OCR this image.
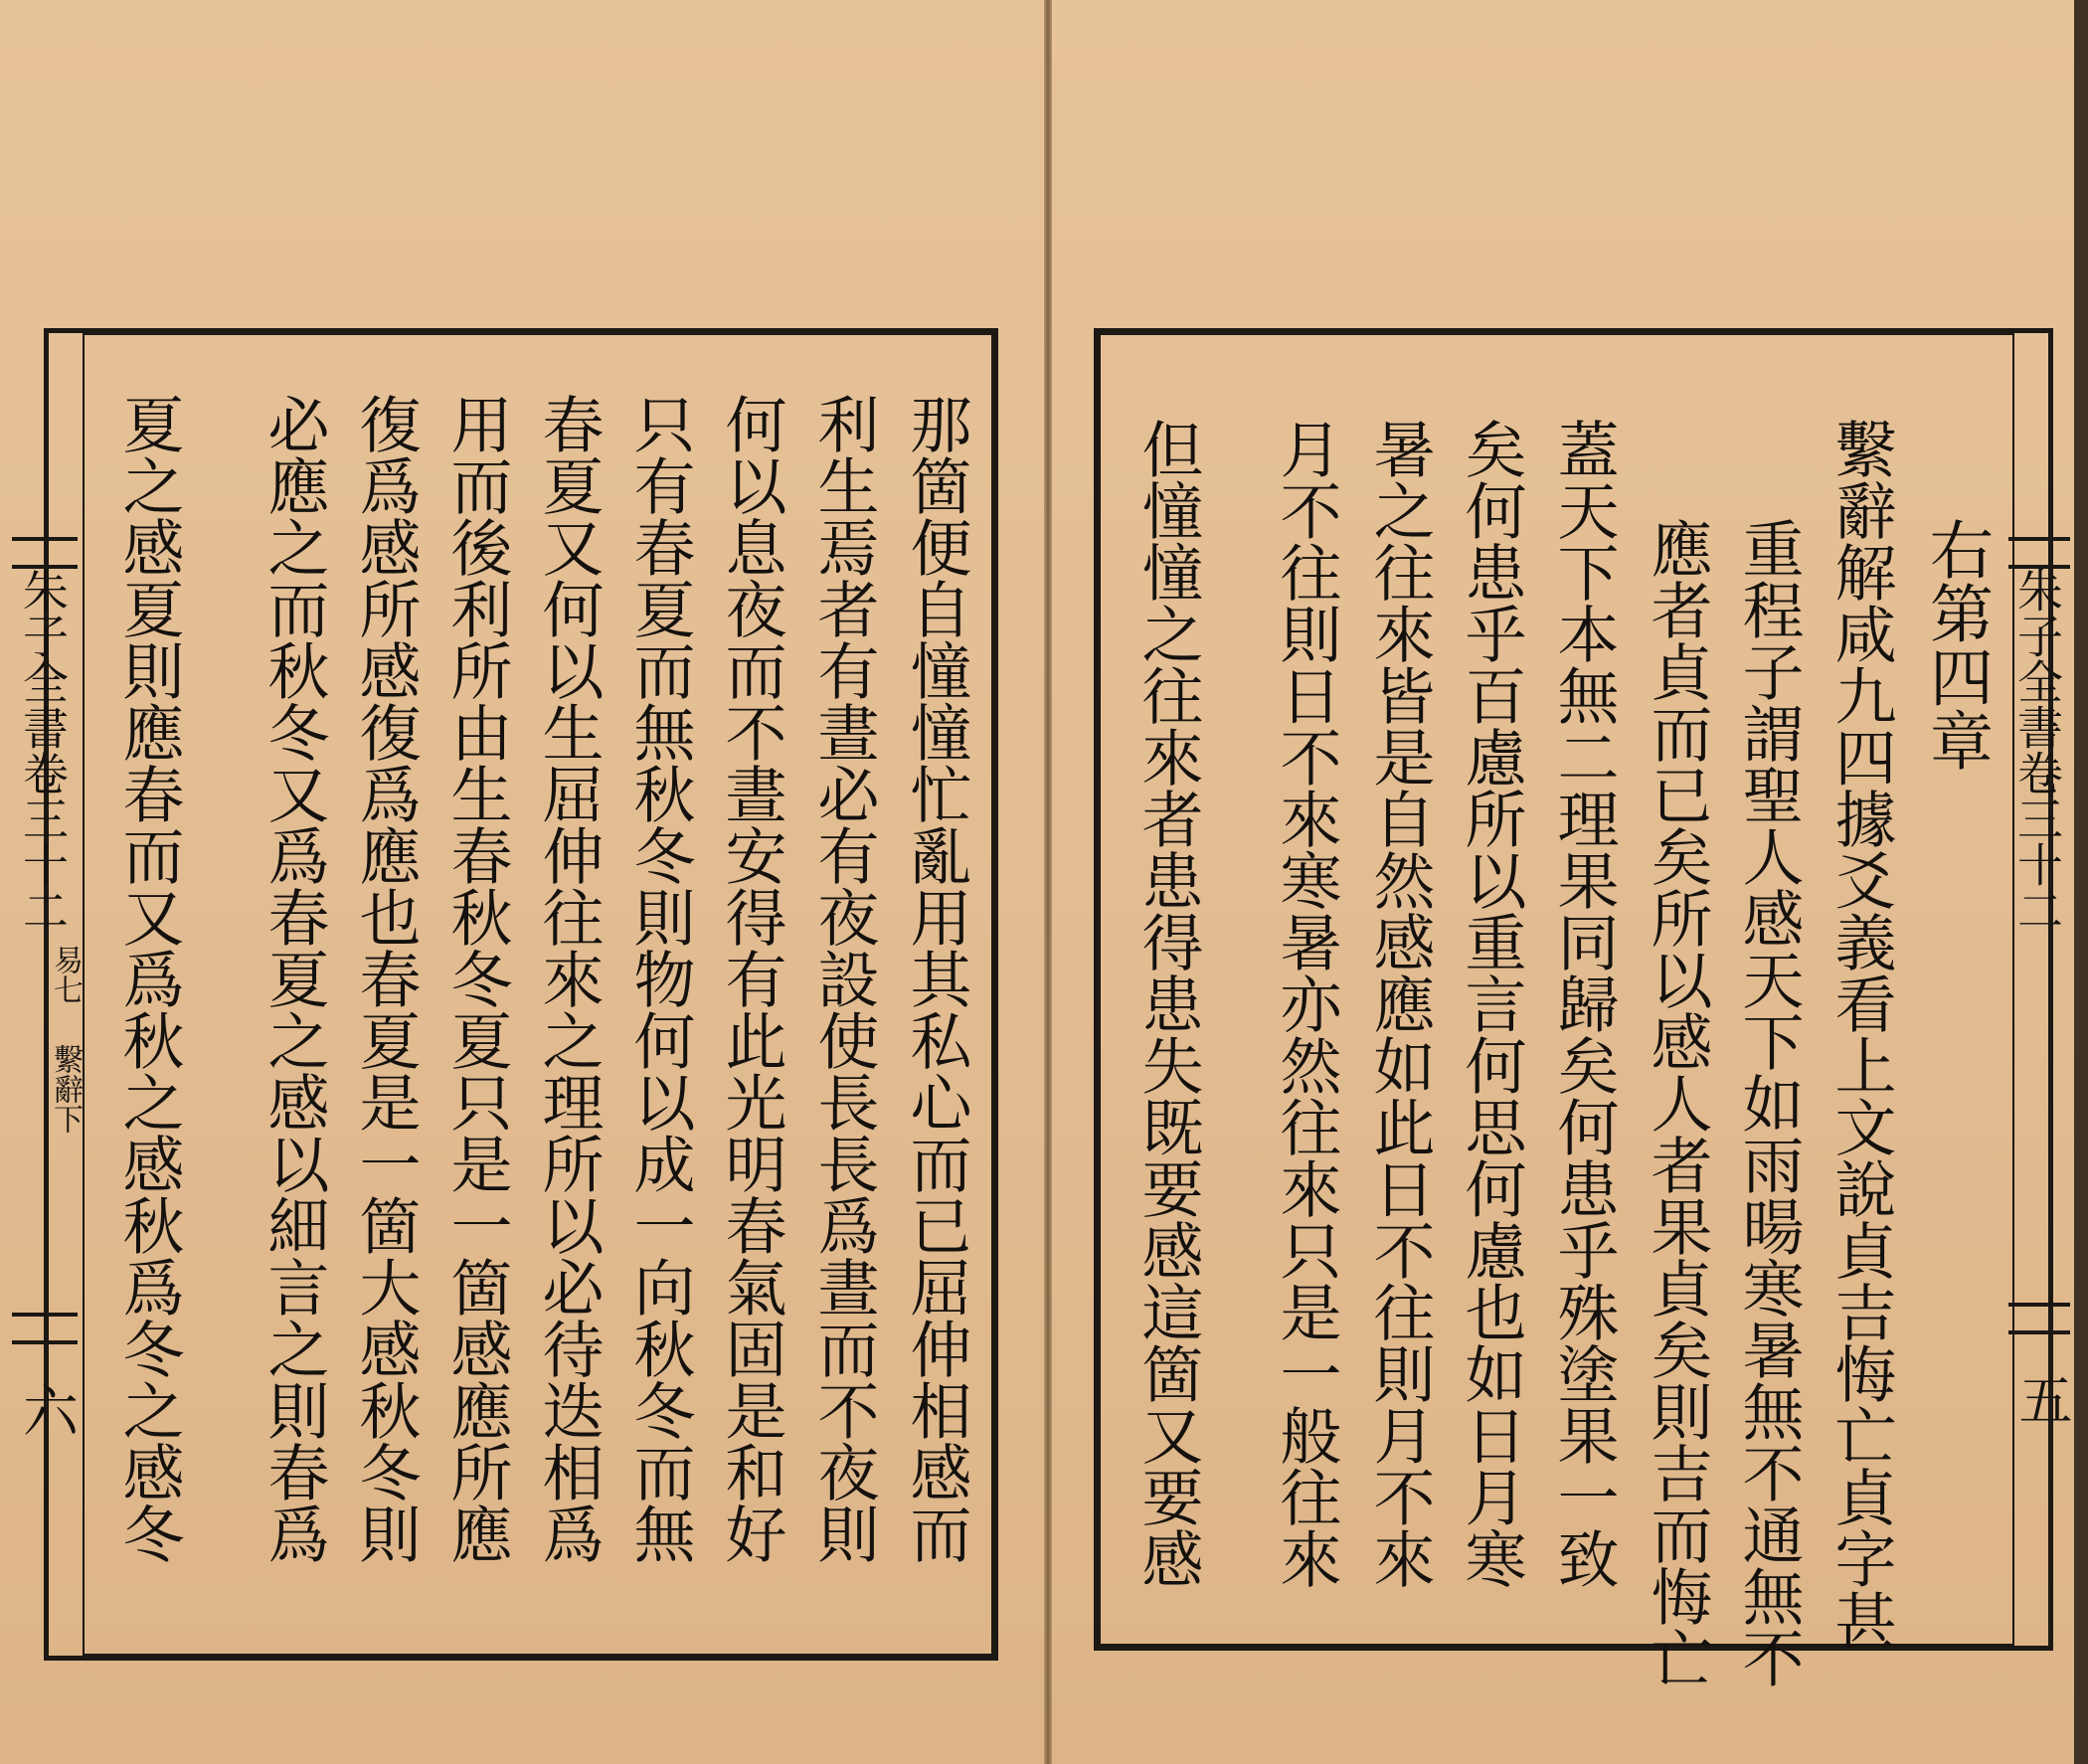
朱子全書卷三十二
易七
繫辭下
六	那箇便自憧憧忙亂用其私心而已屈伸相感而
利生焉者有晝必有夜設使長長爲晝而不夜則
何以息夜而不晝安得有此光明春氣固是和好
只有春夏而無秋冬則物何以成一向秋冬而無
春夏又何以生屈伸往來之理所以必待迭相爲
用而後利所由生春秋冬夏只是一箇感應所應
復爲感所感復爲應也春夏是一箇大感秋冬則
必應之而秋冬又爲春夏之感以細言之則春爲
夏之感夏則應春而又爲秋之感秋爲冬之感冬	朱子全書卷三十二
五
右第四章
繫辭解咸九四據爻義看上文說貞吉悔亡貞字甚
重程子謂聖人感天下如雨暘寒暑無不通無不
應者貞而已矣所以感人者果貞矣則吉而悔亡
蓋天下本無二理果同歸矣何患乎殊塗果一致
矣何患乎百慮所以重言何思何慮也如日月寒
暑之往來皆是自然感應如此日不往則月不來
月不往則日不來寒暑亦然往來只是一般往來
但憧憧之往來者患得患失既要感這箇又要感
